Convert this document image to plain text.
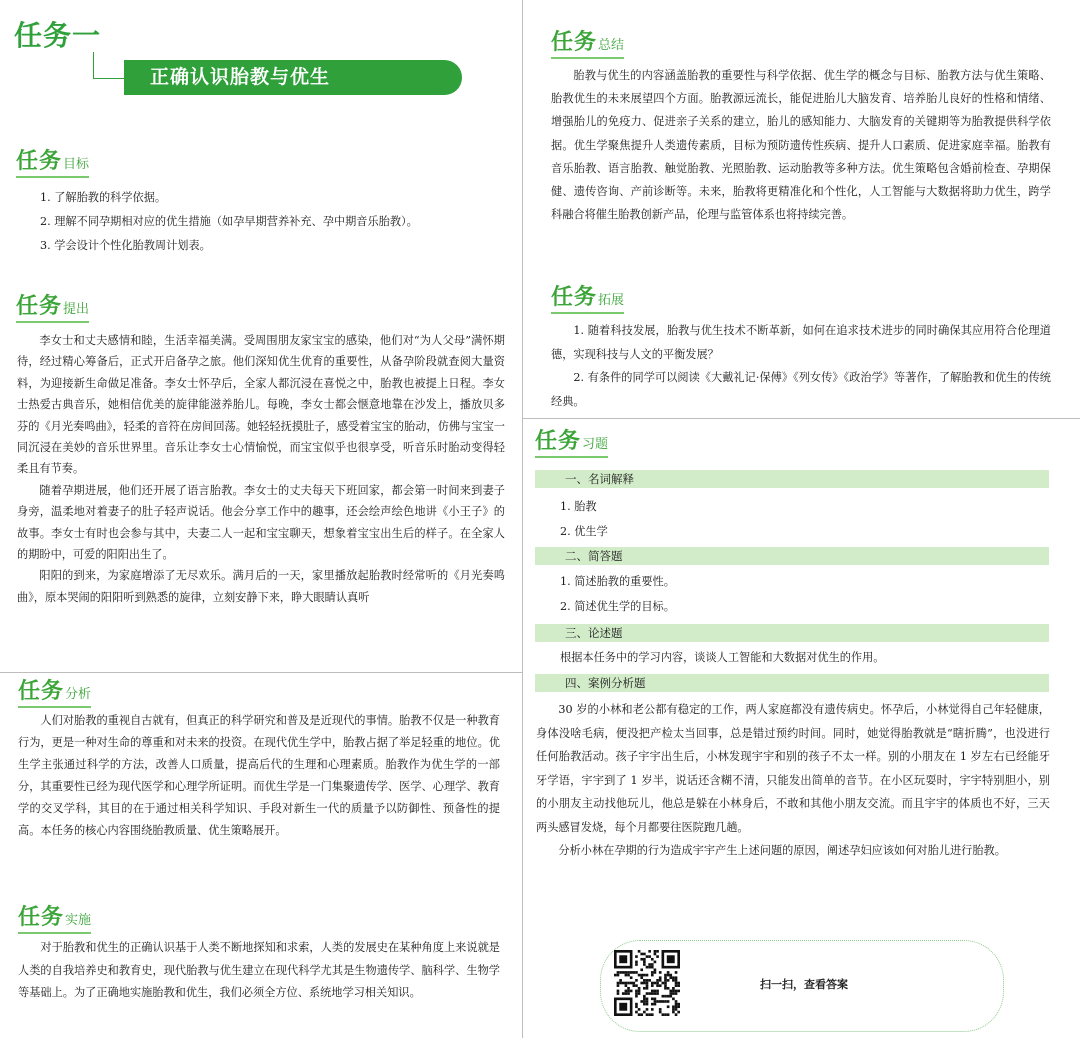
任务一
正确认识胎教与优生
任务 目标
1. 了解胎教的科学依据。
2. 理解不同孕期相对应的优生措施（如孕早期营养补充、孕中期音乐胎教）。
3. 学会设计个性化胎教周计划表。
任务 提出

李女士和丈夫感情和睦，生活幸福美满。受周围朋友家宝宝的感染，他们对“为人父母”满怀期待，经过精心筹备后，正式开启备孕之旅。他们深知优生优育的重要性，从备孕阶段就查阅大量资料，为迎接新生命做足准备。李女士怀孕后，全家人都沉浸在喜悦之中，胎教也被提上日程。李女士热爱古典音乐，她相信优美的旋律能滋养胎儿。每晚，李女士都会惬意地靠在沙发上，播放贝多芬的《月光奏鸣曲》，轻柔的音符在房间回荡。她轻轻抚摸肚子，感受着宝宝的胎动，仿佛与宝宝一同沉浸在美妙的音乐世界里。音乐让李女士心情愉悦，而宝宝似乎也很享受，听音乐时胎动变得轻柔且有节奏。

随着孕期进展，他们还开展了语言胎教。李女士的丈夫每天下班回家，都会第一时间来到妻子身旁，温柔地对着妻子的肚子轻声说话。他会分享工作中的趣事，还会绘声绘色地讲《小王子》的故事。李女士有时也会参与其中，夫妻二人一起和宝宝聊天，想象着宝宝出生后的样子。在全家人的期盼中，可爱的阳阳出生了。

阳阳的到来，为家庭增添了无尽欢乐。满月后的一天，家里播放起胎教时经常听的《月光奏鸣曲》，原本哭闹的阳阳听到熟悉的旋律，立刻安静下来，睁大眼睛认真听

任务 分析

人们对胎教的重视自古就有，但真正的科学研究和普及是近现代的事情。胎教不仅是一种教育行为，更是一种对生命的尊重和对未来的投资。在现代优生学中，胎教占据了举足轻重的地位。优生学主张通过科学的方法，改善人口质量，提高后代的生理和心理素质。胎教作为优生学的一部分，其重要性已经为现代医学和心理学所证明。而优生学是一门集聚遗传学、医学、心理学、教育学的交叉学科，其目的在于通过相关科学知识、手段对新生一代的质量予以防御性、预备性的提高。本任务的核心内容围绕胎教质量、优生策略展开。

任务 实施

对于胎教和优生的正确认识基于人类不断地探知和求索，人类的发展史在某种角度上来说就是人类的自我培养史和教育史，现代胎教与优生建立在现代科学尤其是生物遗传学、脑科学、生物学等基础上。为了正确地实施胎教和优生，我们必须全方位、系统地学习相关知识。

任务 总结

胎教与优生的内容涵盖胎教的重要性与科学依据、优生学的概念与目标、胎教方法与优生策略、胎教优生的未来展望四个方面。胎教源远流长，能促进胎儿大脑发育、培养胎儿良好的性格和情绪、增强胎儿的免疫力、促进亲子关系的建立，胎儿的感知能力、大脑发育的关键期等为胎教提供科学依据。优生学聚焦提升人类遗传素质，目标为预防遗传性疾病、提升人口素质、促进家庭幸福。胎教有音乐胎教、语言胎教、触觉胎教、光照胎教、运动胎教等多种方法。优生策略包含婚前检查、孕期保健、遗传咨询、产前诊断等。未来，胎教将更精准化和个性化，人工智能与大数据将助力优生，跨学科融合将催生胎教创新产品，伦理与监管体系也将持续完善。

任务 拓展

1. 随着科技发展，胎教与优生技术不断革新，如何在追求技术进步的同时确保其应用符合伦理道德，实现科技与人文的平衡发展？

2. 有条件的同学可以阅读《大戴礼记·保傅》《列女传》《政治学》等著作，了解胎教和优生的传统经典。

任务 习题
一、名词解释
1. 胎教
2. 优生学
二、简答题
1. 简述胎教的重要性。
2. 简述优生学的目标。
三、论述题
根据本任务中的学习内容，谈谈人工智能和大数据对优生的作用。
四、案例分析题

30 岁的小林和老公都有稳定的工作，两人家庭都没有遗传病史。怀孕后，小林觉得自己年轻健康，身体没啥毛病，便没把产检太当回事，总是错过预约时间。同时，她觉得胎教就是“瞎折腾”，也没进行任何胎教活动。孩子宇宇出生后，小林发现宇宇和别的孩子不太一样。别的小朋友在 1 岁左右已经能牙牙学语，宇宇到了 1 岁半，说话还含糊不清，只能发出简单的音节。在小区玩耍时，宇宇特别胆小，别的小朋友主动找他玩儿，他总是躲在小林身后，不敢和其他小朋友交流。而且宇宇的体质也不好，三天两头感冒发烧，每个月都要往医院跑几趟。

分析小林在孕期的行为造成宇宇产生上述问题的原因，阐述孕妇应该如何对胎儿进行胎教。

扫一扫，查看答案
